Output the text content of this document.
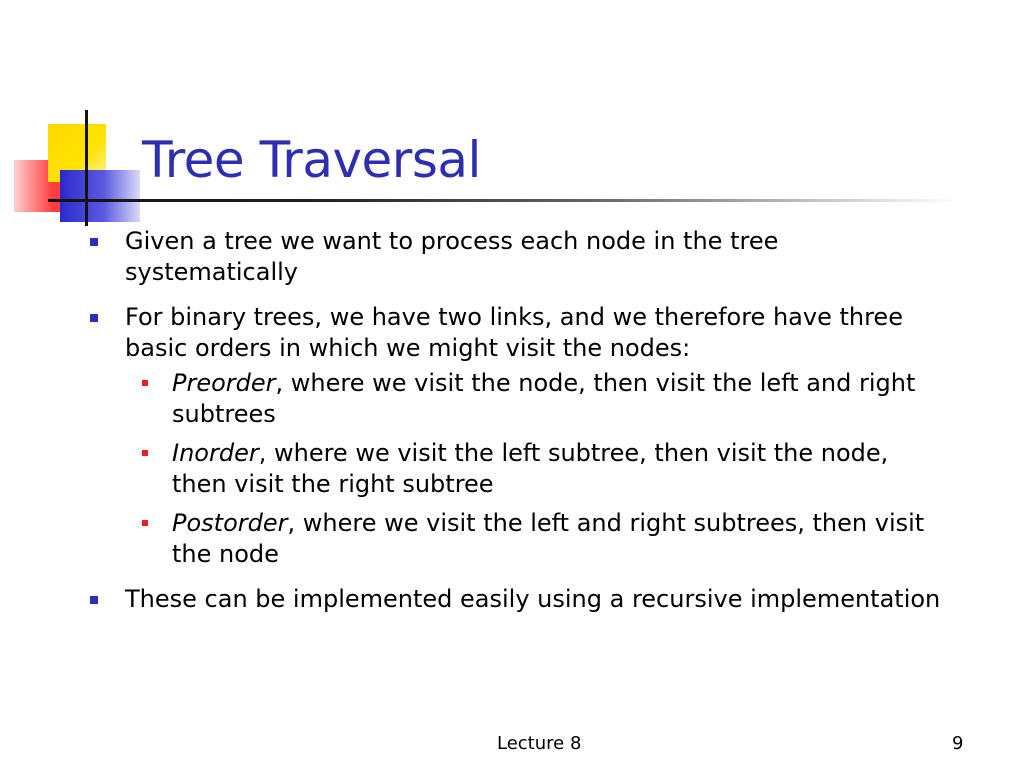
Tree Traversal
Given a tree we want to process each node in the tree systematically
For binary trees, we have two links, and we therefore have three basic orders in which we might visit the nodes:
Preorder, where we visit the node, then visit the left and right subtrees
Inorder, where we visit the left subtree, then visit the node, then visit the right subtree
Postorder, where we visit the left and right subtrees, then visit the node
These can be implemented easily using a recursive implementation
Lecture 8	9
